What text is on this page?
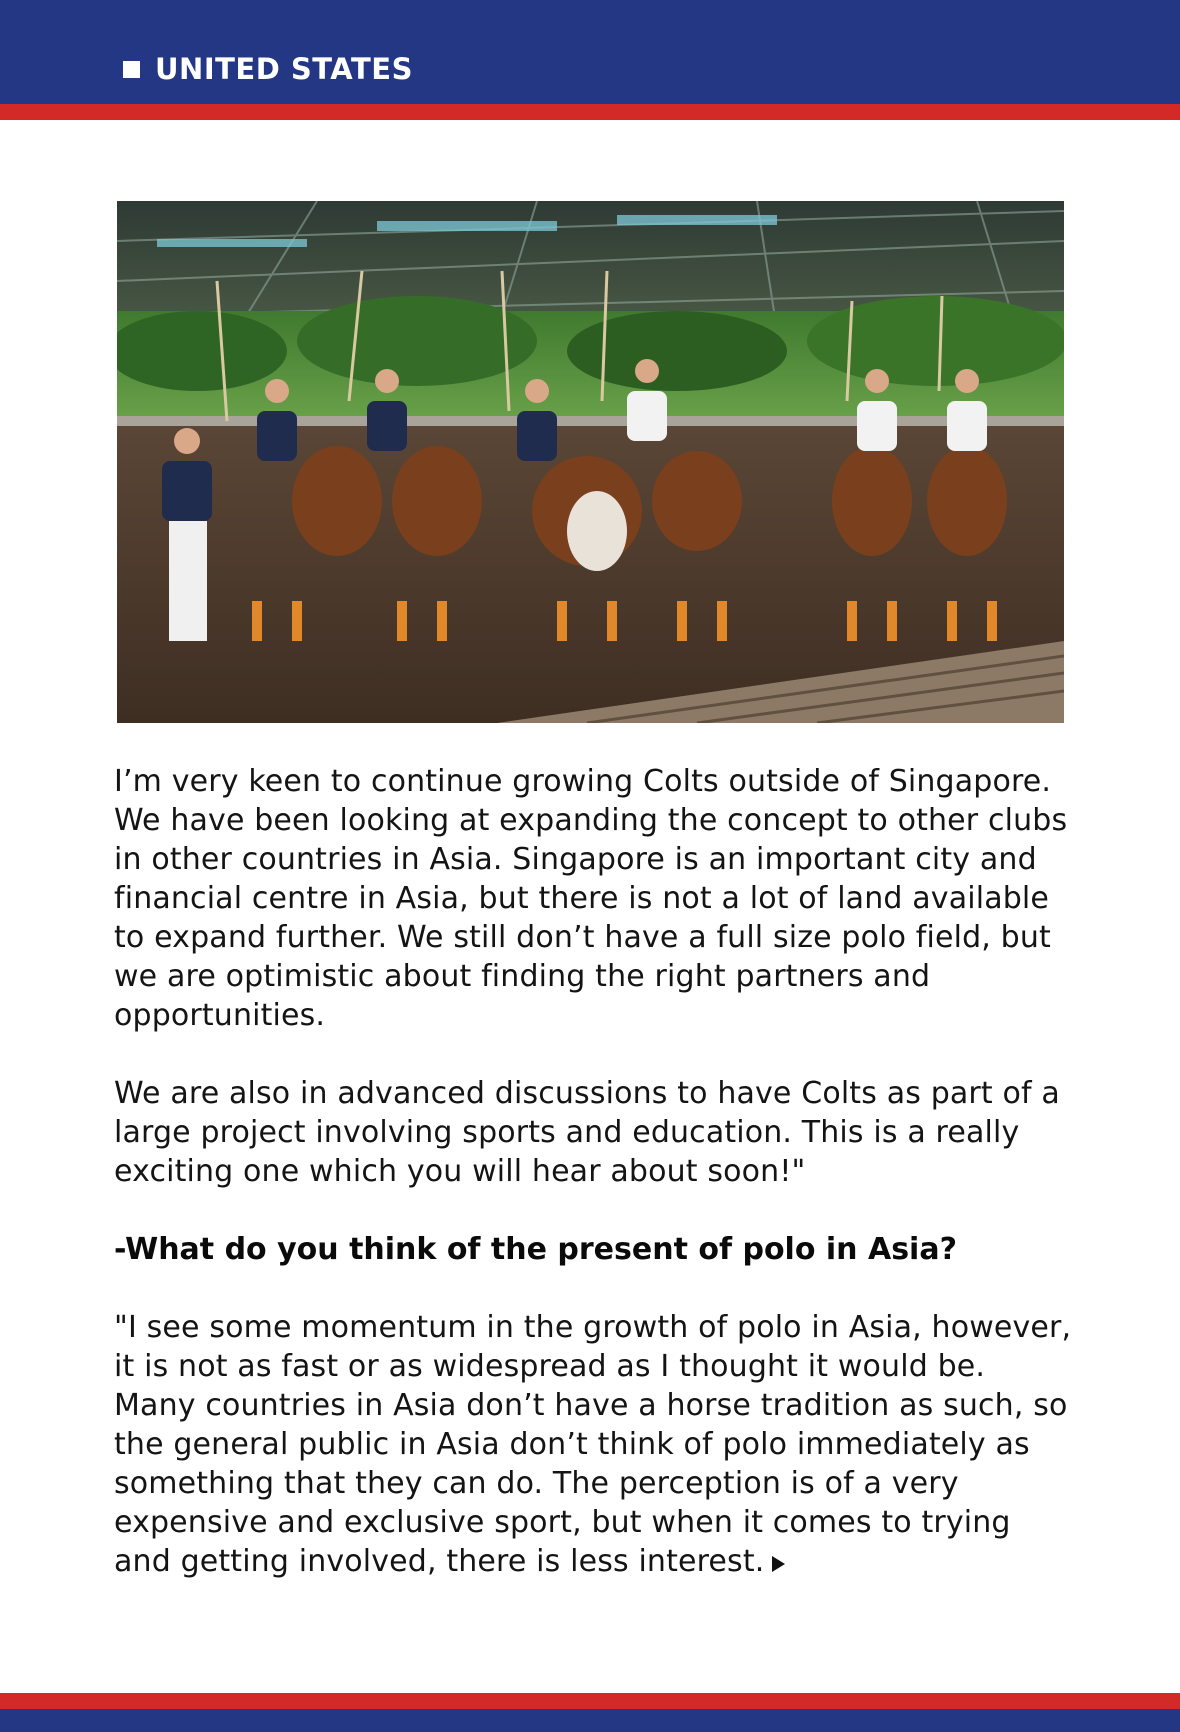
UNITED STATES

I’m very keen to continue growing Colts outside of Singapore. We have been looking at expanding the concept to other clubs in other countries in Asia. Singapore is an important city and financial centre in Asia, but there is not a lot of land available to expand further. We still don’t have a full size polo field, but we are optimistic about finding the right partners and opportunities.

We are also in advanced discussions to have Colts as part of a large project involving sports and education. This is a really exciting one which you will hear about soon!"

-What do you think of the present of polo in Asia?

"I see some momentum in the growth of polo in Asia, however, it is not as fast or as widespread as I thought it would be. Many countries in Asia don’t have a horse tradition as such, so the general public in Asia don’t think of polo immediately as something that they can do. The perception is of a very expensive and exclusive sport, but when it comes to trying and getting involved, there is less interest.
